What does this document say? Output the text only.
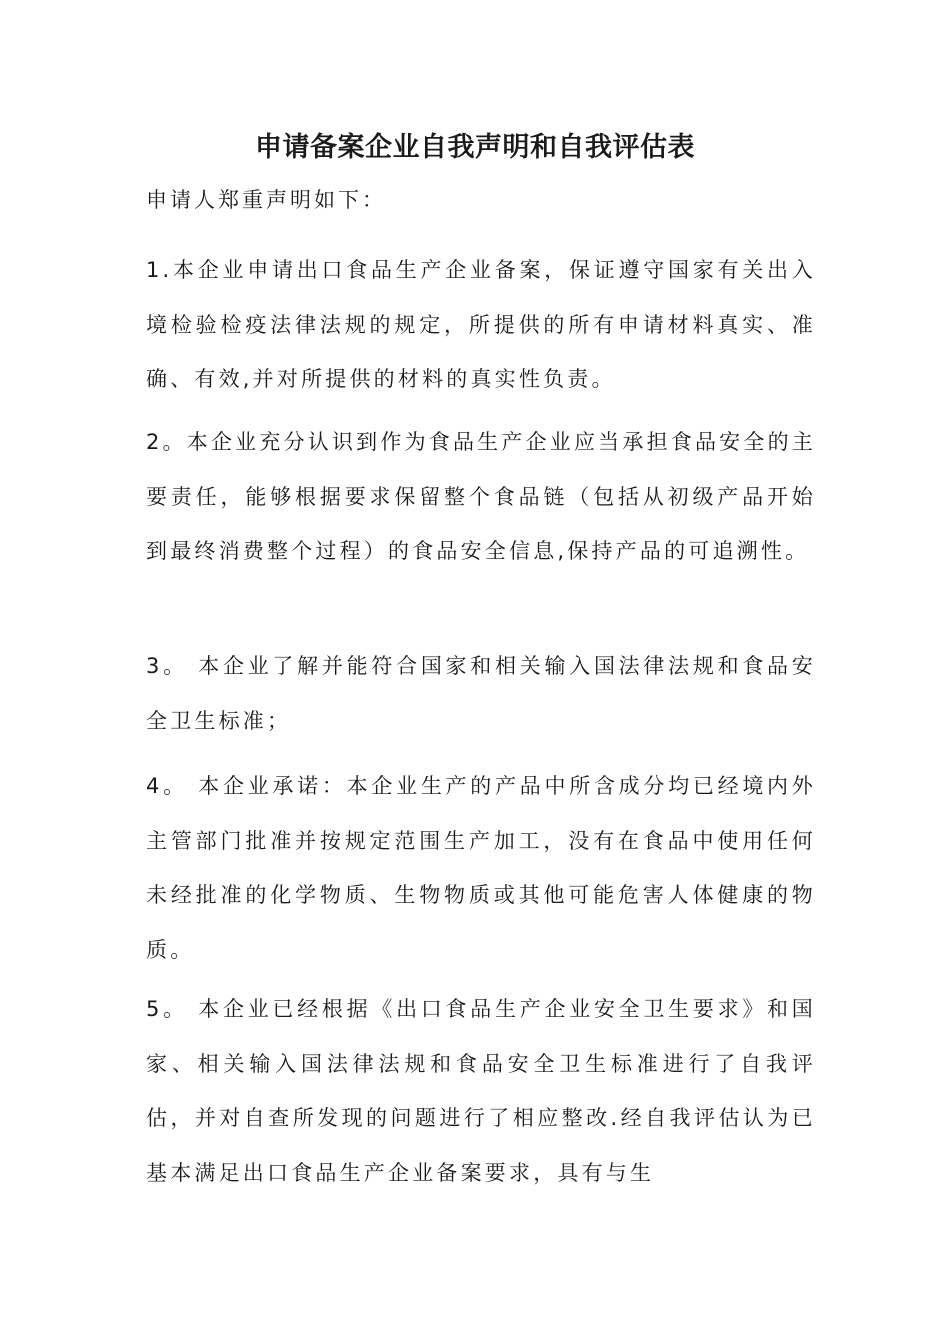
申请备案企业自我声明和自我评估表

申请人郑重声明如下：

1.本企业申请出口食品生产企业备案，保证遵守国家有关出入境检验检疫法律法规的规定，所提供的所有申请材料真实、准确、有效,并对所提供的材料的真实性负责。

2。本企业充分认识到作为食品生产企业应当承担食品安全的主要责任，能够根据要求保留整个食品链（包括从初级产品开始到最终消费整个过程）的食品安全信息,保持产品的可追溯性。

3。 本企业了解并能符合国家和相关输入国法律法规和食品安全卫生标准；

4。 本企业承诺：本企业生产的产品中所含成分均已经境内外主管部门批准并按规定范围生产加工，没有在食品中使用任何未经批准的化学物质、生物物质或其他可能危害人体健康的物质。

5。 本企业已经根据《出口食品生产企业安全卫生要求》和国家、相关输入国法律法规和食品安全卫生标准进行了自我评估，并对自查所发现的问题进行了相应整改.经自我评估认为已基本满足出口食品生产企业备案要求，具有与生
